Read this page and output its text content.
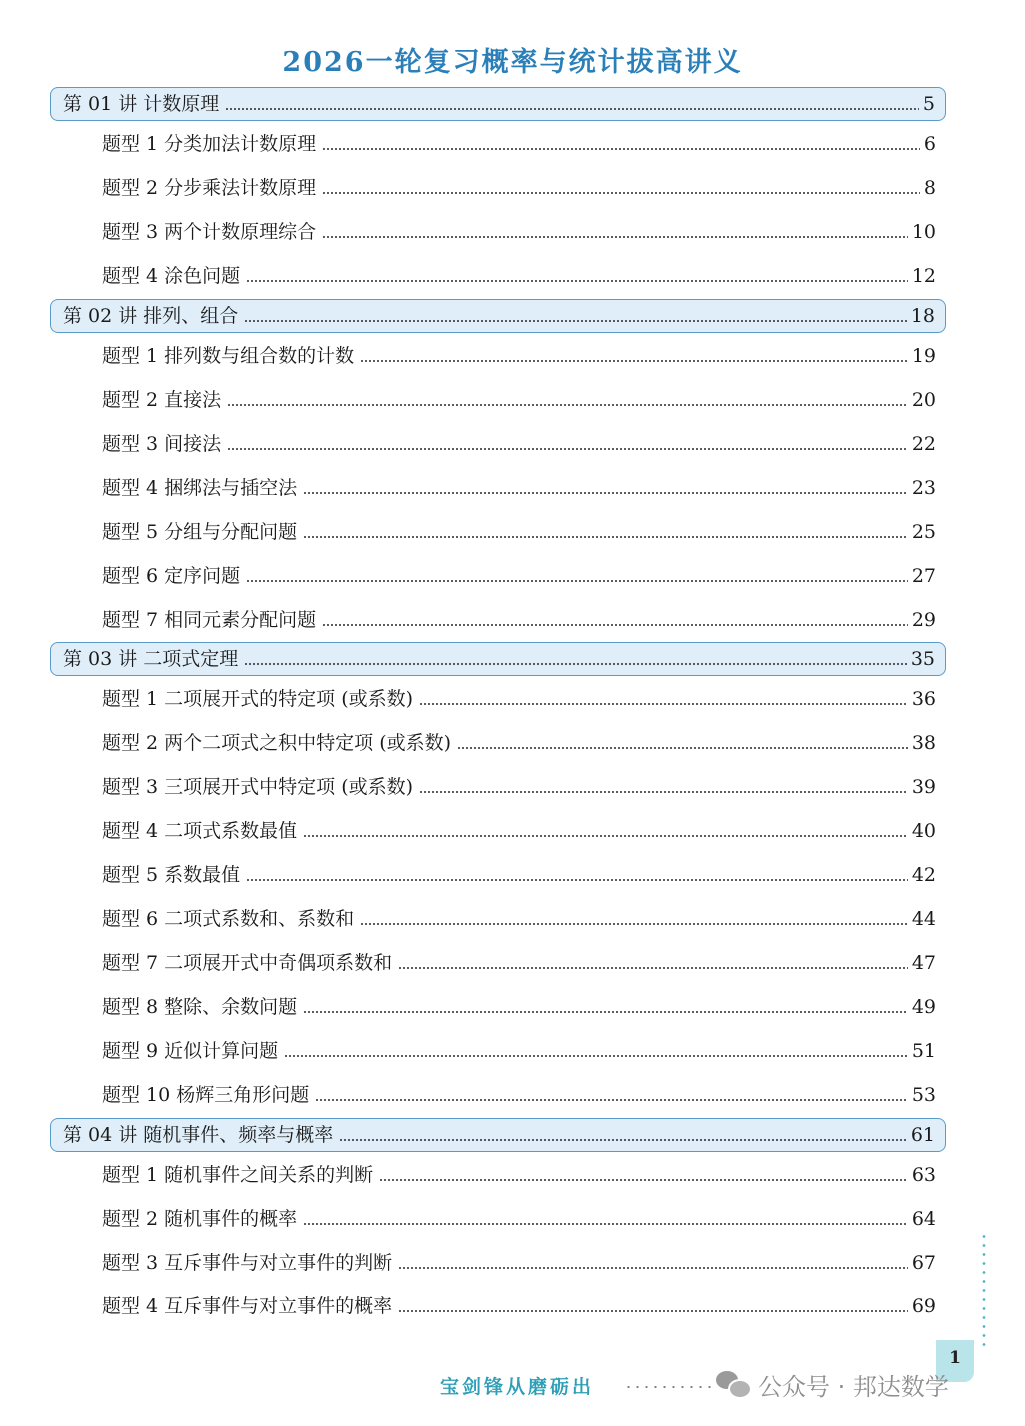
2026一轮复习概率与统计拔高讲义
第 01 讲 计数原理	5
题型 1 分类加法计数原理	6
题型 2 分步乘法计数原理	8
题型 3 两个计数原理综合	10
题型 4 涂色问题	12
第 02 讲 排列、组合	18
题型 1 排列数与组合数的计数	19
题型 2 直接法	20
题型 3 间接法	22
题型 4 捆绑法与插空法	23
题型 5 分组与分配问题	25
题型 6 定序问题	27
题型 7 相同元素分配问题	29
第 03 讲 二项式定理	35
题型 1 二项展开式的特定项 (或系数)	36
题型 2 两个二项式之积中特定项 (或系数)	38
题型 3 三项展开式中特定项 (或系数)	39
题型 4 二项式系数最值	40
题型 5 系数最值	42
题型 6 二项式系数和、系数和	44
题型 7 二项展开式中奇偶项系数和	47
题型 8 整除、余数问题	49
题型 9 近似计算问题	51
题型 10 杨辉三角形问题	53
第 04 讲 随机事件、频率与概率	61
题型 1 随机事件之间关系的判断	63
题型 2 随机事件的概率	64
题型 3 互斥事件与对立事件的判断	67
题型 4 互斥事件与对立事件的概率	69
1
宝剑锋从磨砺出	公众号 · 邦达数学
